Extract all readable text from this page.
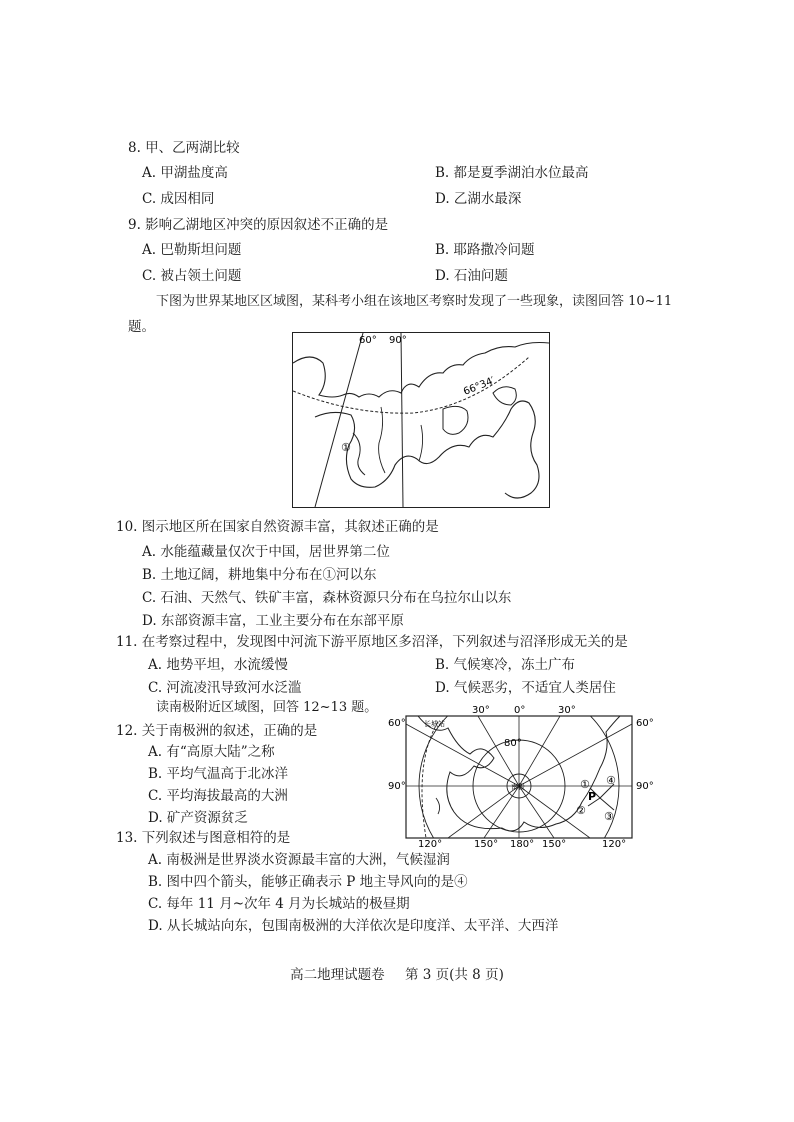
8. 甲、乙两湖比较
A. 甲湖盐度高	B. 都是夏季湖泊水位最高
C. 成因相同	D. 乙湖水最深
9. 影响乙湖地区冲突的原因叙述不正确的是
A. 巴勒斯坦问题	B. 耶路撒冷问题
C. 被占领土问题	D. 石油问题
下图为世界某地区区域图，某科考小组在该地区考察时发现了一些现象，读图回答 10~11
题。
60° 90°
66°34′
①
10. 图示地区所在国家自然资源丰富，其叙述正确的是
A. 水能蕴藏量仅次于中国，居世界第二位
B. 土地辽阔，耕地集中分布在①河以东
C. 石油、天然气、铁矿丰富，森林资源只分布在乌拉尔山以东
D. 东部资源丰富，工业主要分布在东部平原
11. 在考察过程中，发现图中河流下游平原地区多沼泽，下列叙述与沼泽形成无关的是
A. 地势平坦，水流缓慢	B. 气候寒冷，冻土广布
C. 河流凌汛导致河水泛滥	D. 气候恶劣，不适宜人类居住
读南极附近区域图，回答 12~13 题。
12. 关于南极洲的叙述，正确的是
A. 有“高原大陆”之称
B. 平均气温高于北冰洋
C. 平均海拔最高的大洲
D. 矿产资源贫乏
30° 0°	30°
60°	60°
90°	90°
120°	150° 180° 150°	120°
80°
南极
长城站
P
①
② ③
④
13. 下列叙述与图意相符的是
A. 南极洲是世界淡水资源最丰富的大洲，气候湿润
B. 图中四个箭头，能够正确表示 P 地主导风向的是④
C. 每年 11 月~次年 4 月为长城站的极昼期
D. 从长城站向东，包围南极洲的大洋依次是印度洋、太平洋、大西洋
高二地理试题卷 第 3 页(共 8 页)
